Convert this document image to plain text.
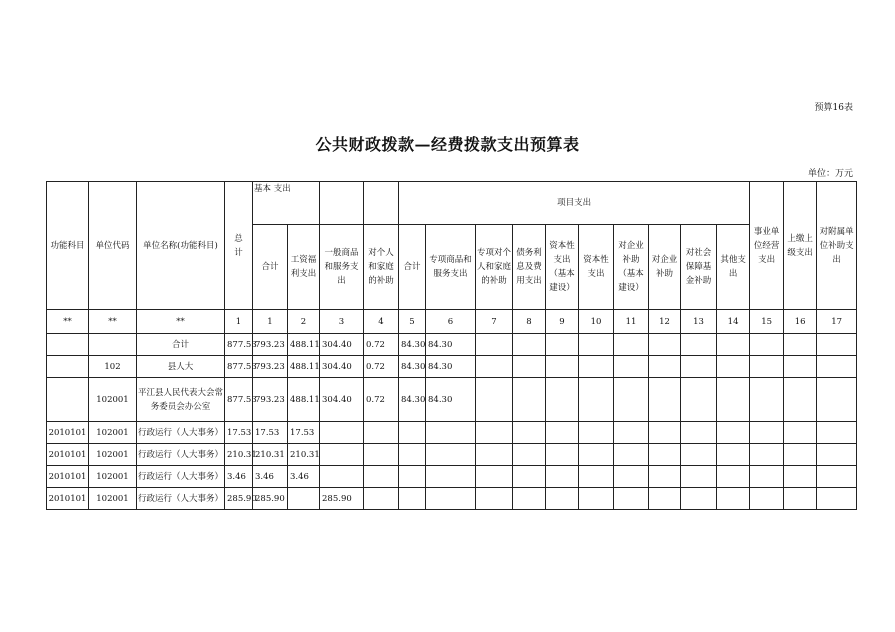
预算16表
公共财政拨款—经费拨款支出预算表
单位：万元
功能科目	单位代码	单位名称(功能科目)	总　计	基本 支出				项目支出										事业单位经营支出	上缴上级支出	对附属单位补助支出
				合计	工资福利支出	一般商品和服务支出	对个人和家庭的补助	合计	专项商品和服务支出	专项对个人和家庭的补助	债务利息及费用支出	资本性支出（基本建设）	资本性支出	对企业补助（基本建设）	对企业补助	对社会保障基金补助	其他支出			
**	**	**	1	1	2	3	4	5	6	7	8	9	10	11	12	13	14	15	16	17
		合计	877.53	793.23	488.11	304.40	0.72	84.30	84.30											
	102	县人大	877.53	793.23	488.11	304.40	0.72	84.30	84.30											
	102001	平江县人民代表大会常务委员会办公室	877.53	793.23	488.11	304.40	0.72	84.30	84.30											
2010101	102001	行政运行（人大事务）	17.53	17.53	17.53															
2010101	102001	行政运行（人大事务）	210.31	210.31	210.31															
2010101	102001	行政运行（人大事务）	3.46	3.46	3.46															
2010101	102001	行政运行（人大事务）	285.90	285.90		285.90														
